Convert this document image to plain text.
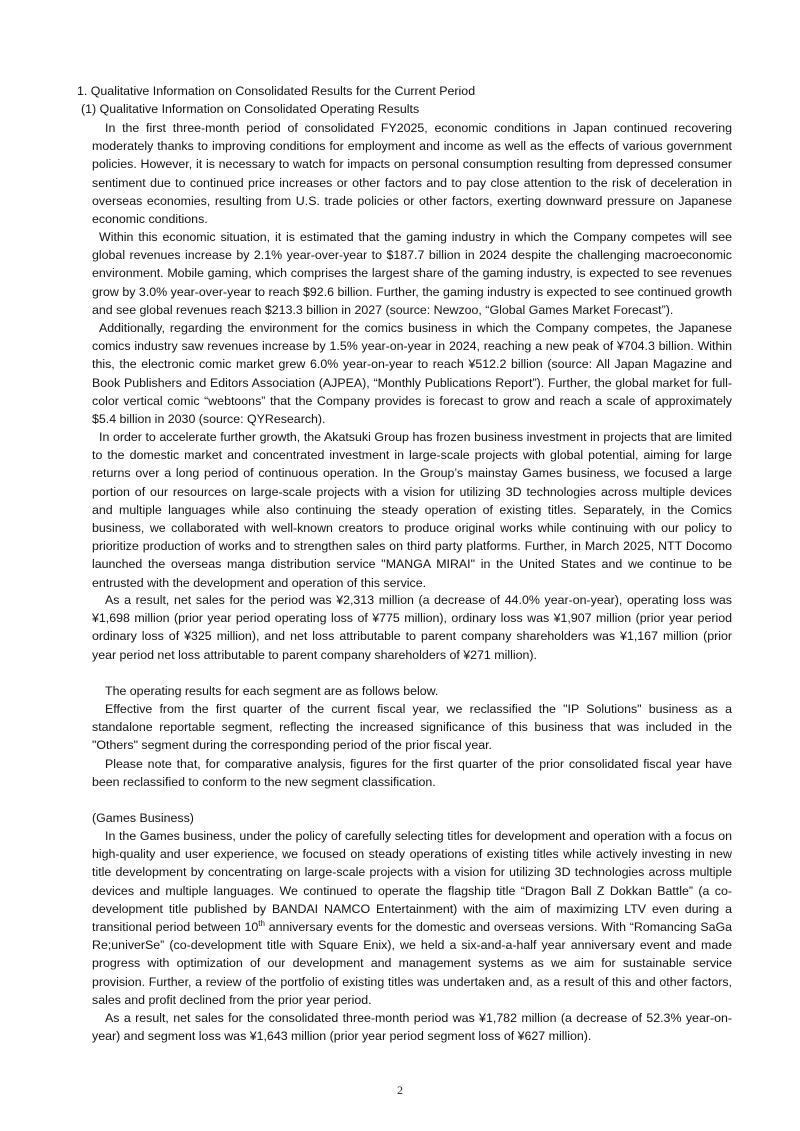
1. Qualitative Information on Consolidated Results for the Current Period
(1) Qualitative Information on Consolidated Operating Results
In the first three-month period of consolidated FY2025, economic conditions in Japan continued recovering moderately thanks to improving conditions for employment and income as well as the effects of various government policies. However, it is necessary to watch for impacts on personal consumption resulting from depressed consumer sentiment due to continued price increases or other factors and to pay close attention to the risk of deceleration in overseas economies, resulting from U.S. trade policies or other factors, exerting downward pressure on Japanese economic conditions.
Within this economic situation, it is estimated that the gaming industry in which the Company competes will see global revenues increase by 2.1% year-over-year to $187.7 billion in 2024 despite the challenging macroeconomic environment. Mobile gaming, which comprises the largest share of the gaming industry, is expected to see revenues grow by 3.0% year-over-year to reach $92.6 billion. Further, the gaming industry is expected to see continued growth and see global revenues reach $213.3 billion in 2027 (source: Newzoo, “Global Games Market Forecast”).
Additionally, regarding the environment for the comics business in which the Company competes, the Japanese comics industry saw revenues increase by 1.5% year-on-year in 2024, reaching a new peak of ¥704.3 billion. Within this, the electronic comic market grew 6.0% year-on-year to reach ¥512.2 billion (source: All Japan Magazine and Book Publishers and Editors Association (AJPEA), “Monthly Publications Report”). Further, the global market for full-color vertical comic “webtoons” that the Company provides is forecast to grow and reach a scale of approximately $5.4 billion in 2030 (source: QYResearch).
In order to accelerate further growth, the Akatsuki Group has frozen business investment in projects that are limited to the domestic market and concentrated investment in large-scale projects with global potential, aiming for large returns over a long period of continuous operation. In the Group’s mainstay Games business, we focused a large portion of our resources on large-scale projects with a vision for utilizing 3D technologies across multiple devices and multiple languages while also continuing the steady operation of existing titles. Separately, in the Comics business, we collaborated with well-known creators to produce original works while continuing with our policy to prioritize production of works and to strengthen sales on third party platforms. Further, in March 2025, NTT Docomo launched the overseas manga distribution service "MANGA MIRAI" in the United States and we continue to be entrusted with the development and operation of this service.
As a result, net sales for the period was ¥2,313 million (a decrease of 44.0% year-on-year), operating loss was ¥1,698 million (prior year period operating loss of ¥775 million), ordinary loss was ¥1,907 million (prior year period ordinary loss of ¥325 million), and net loss attributable to parent company shareholders was ¥1,167 million (prior year period net loss attributable to parent company shareholders of ¥271 million).
The operating results for each segment are as follows below.
Effective from the first quarter of the current fiscal year, we reclassified the "IP Solutions" business as a standalone reportable segment, reflecting the increased significance of this business that was included in the "Others" segment during the corresponding period of the prior fiscal year.
Please note that, for comparative analysis, figures for the first quarter of the prior consolidated fiscal year have been reclassified to conform to the new segment classification.
(Games Business)
In the Games business, under the policy of carefully selecting titles for development and operation with a focus on high-quality and user experience, we focused on steady operations of existing titles while actively investing in new title development by concentrating on large-scale projects with a vision for utilizing 3D technologies across multiple devices and multiple languages. We continued to operate the flagship title “Dragon Ball Z Dokkan Battle” (a co-development title published by BANDAI NAMCO Entertainment) with the aim of maximizing LTV even during a transitional period between 10th anniversary events for the domestic and overseas versions. With “Romancing SaGa Re;univerSe” (co-development title with Square Enix), we held a six-and-a-half year anniversary event and made progress with optimization of our development and management systems as we aim for sustainable service provision. Further, a review of the portfolio of existing titles was undertaken and, as a result of this and other factors, sales and profit declined from the prior year period.
As a result, net sales for the consolidated three-month period was ¥1,782 million (a decrease of 52.3% year-on-year) and segment loss was ¥1,643 million (prior year period segment loss of ¥627 million).
2
